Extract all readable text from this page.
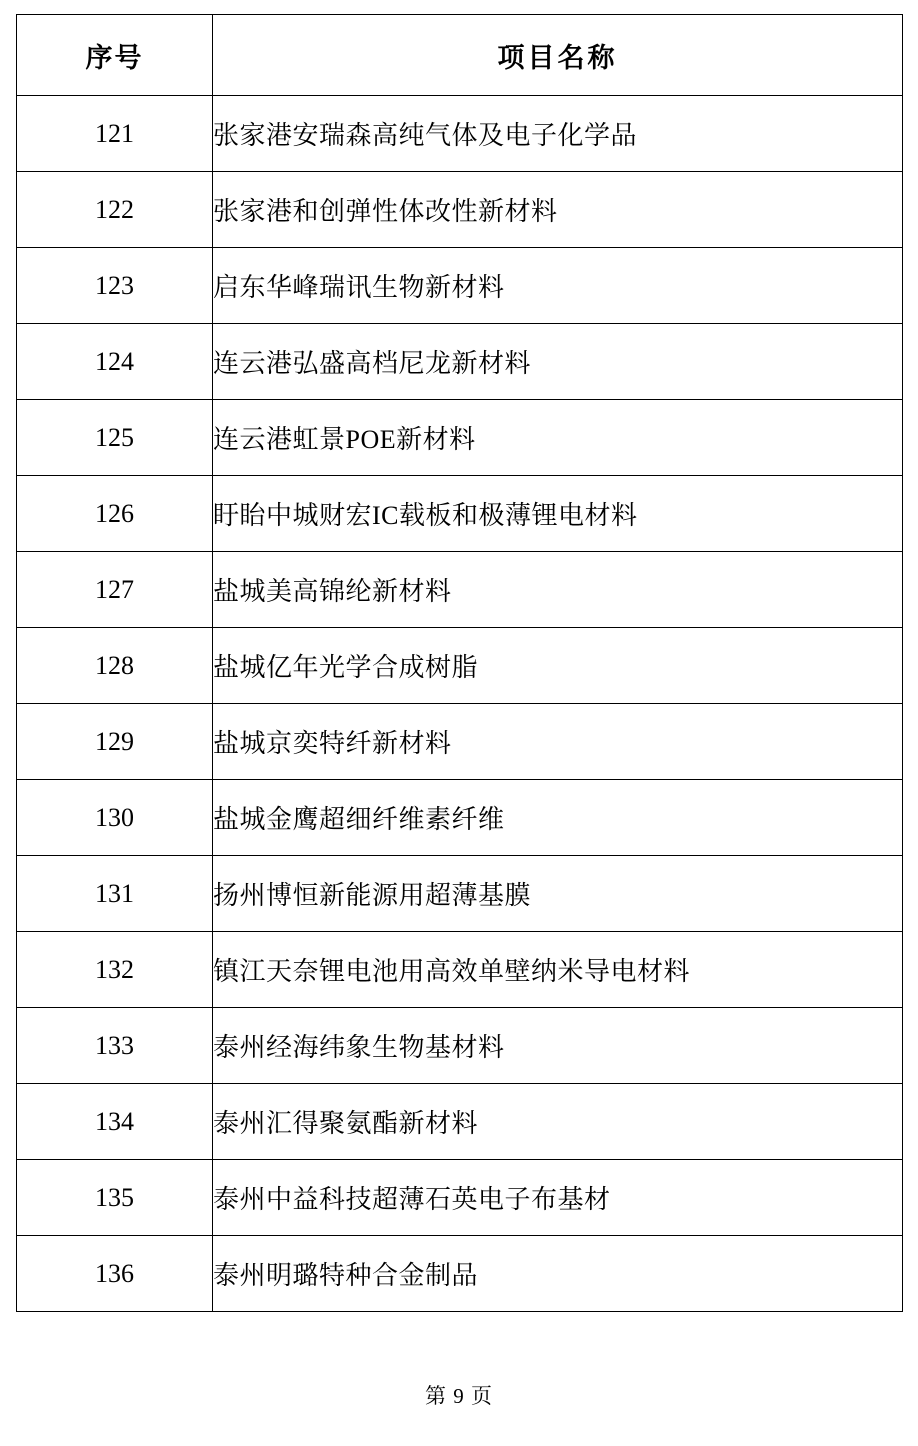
序号	项目名称
121	张家港安瑞森高纯气体及电子化学品
122	张家港和创弹性体改性新材料
123	启东华峰瑞讯生物新材料
124	连云港弘盛高档尼龙新材料
125	连云港虹景POE新材料
126	盱眙中城财宏IC载板和极薄锂电材料
127	盐城美高锦纶新材料
128	盐城亿年光学合成树脂
129	盐城京奕特纤新材料
130	盐城金鹰超细纤维素纤维
131	扬州博恒新能源用超薄基膜
132	镇江天奈锂电池用高效单壁纳米导电材料
133	泰州经海纬象生物基材料
134	泰州汇得聚氨酯新材料
135	泰州中益科技超薄石英电子布基材
136	泰州明璐特种合金制品
第 9 页
